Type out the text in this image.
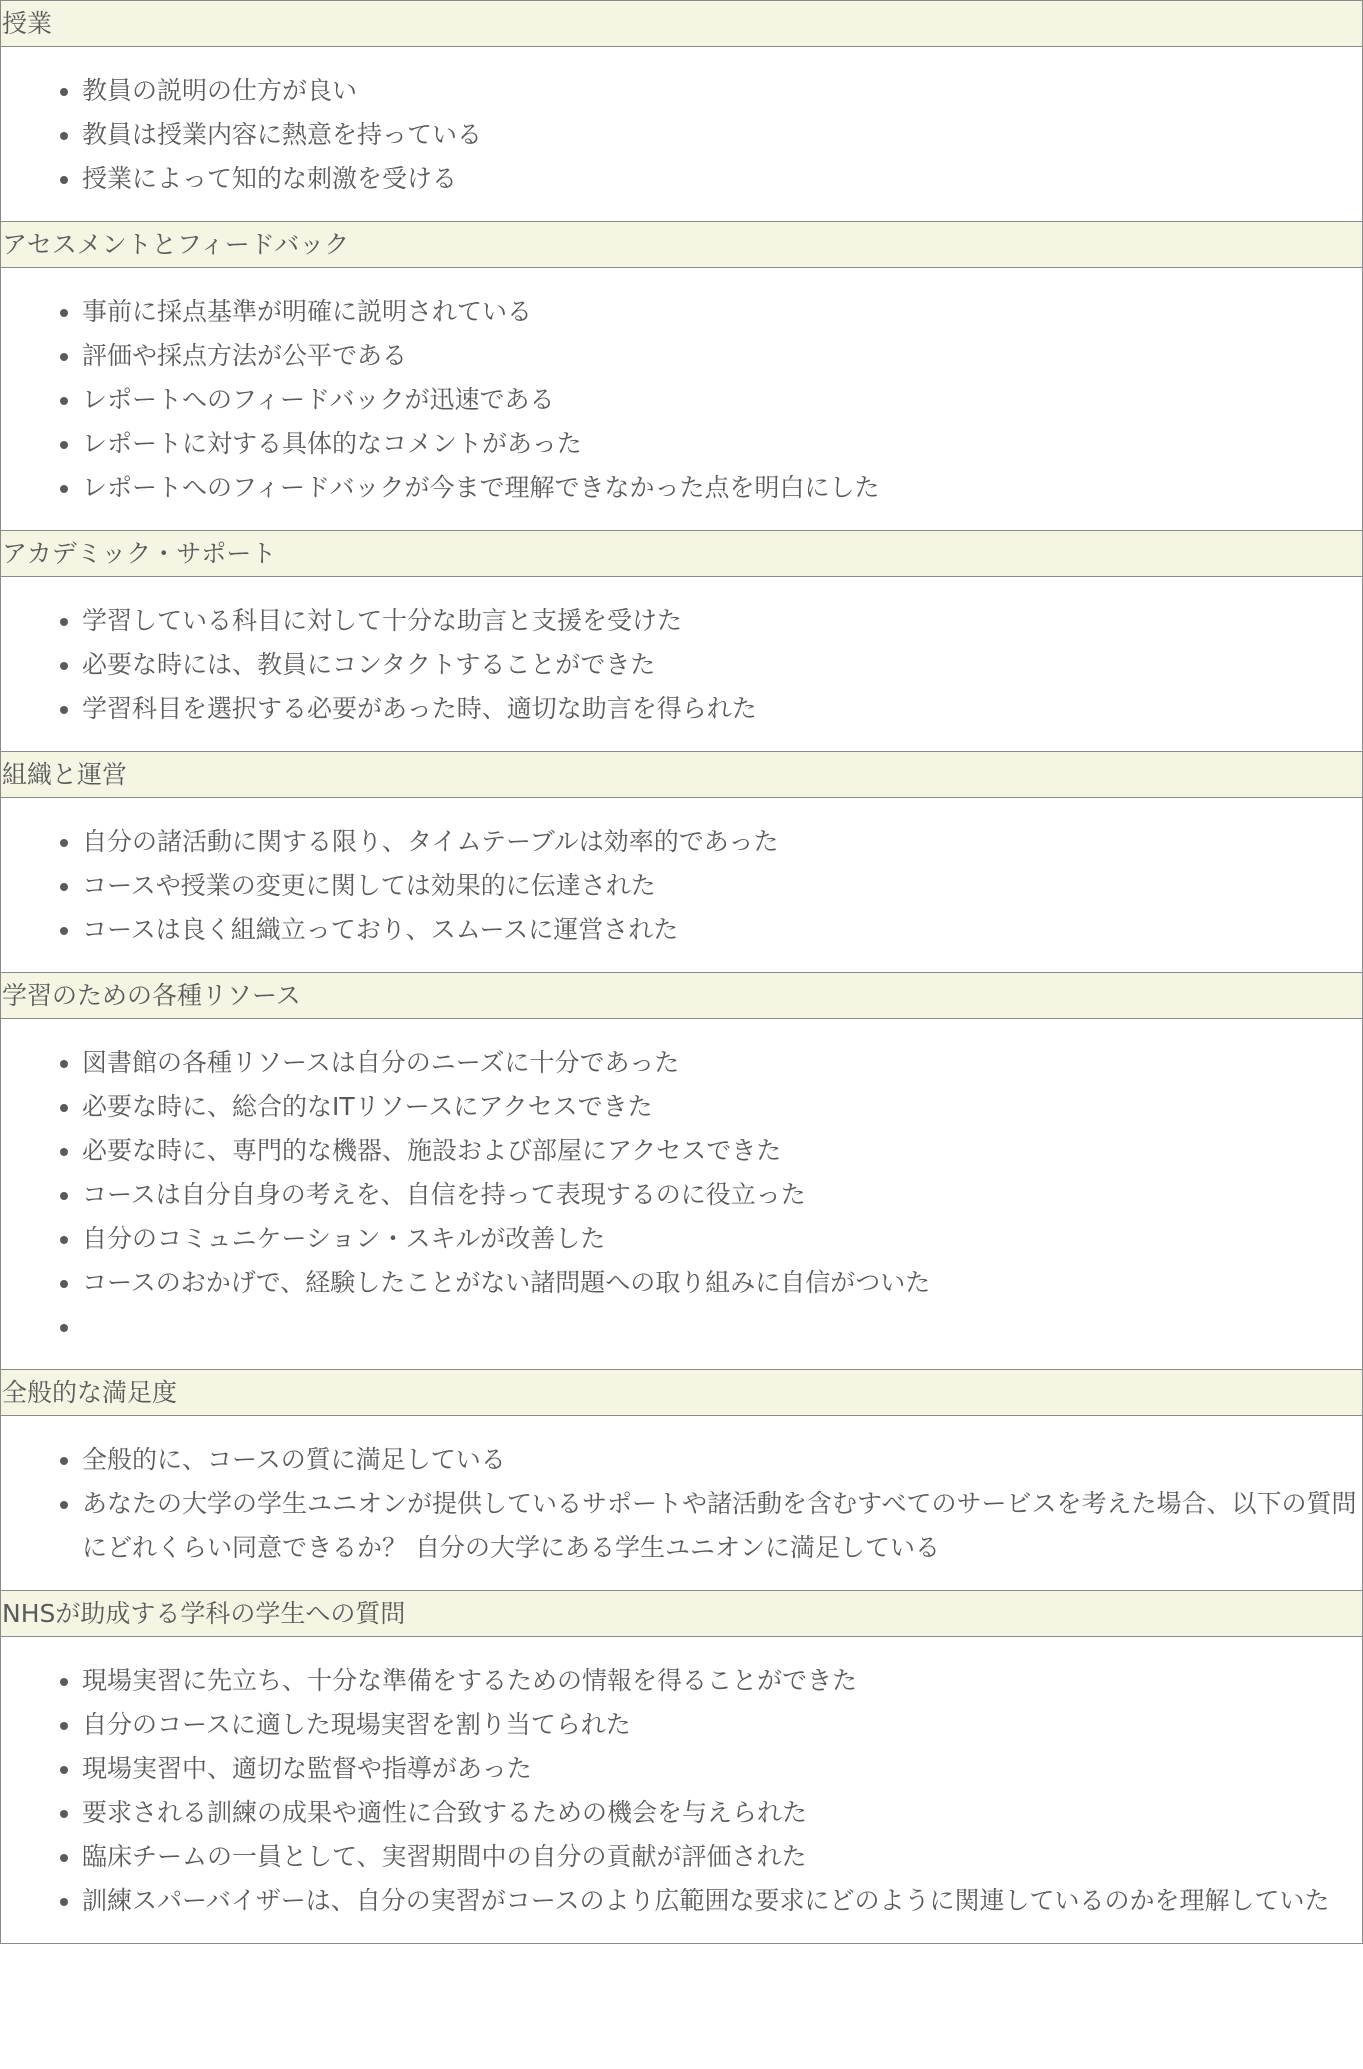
授業
• 教員の説明の仕方が良い
• 教員は授業内容に熱意を持っている
• 授業によって知的な刺激を受ける
アセスメントとフィードバック
• 事前に採点基準が明確に説明されている
• 評価や採点方法が公平である
• レポートへのフィードバックが迅速である
• レポートに対する具体的なコメントがあった
• レポートへのフィードバックが今まで理解できなかった点を明白にした
アカデミック・サポート
• 学習している科目に対して十分な助言と支援を受けた
• 必要な時には、教員にコンタクトすることができた
• 学習科目を選択する必要があった時、適切な助言を得られた
組織と運営
• 自分の諸活動に関する限り、タイムテーブルは効率的であった
• コースや授業の変更に関しては効果的に伝達された
• コースは良く組織立っており、スムースに運営された
学習のための各種リソース
• 図書館の各種リソースは自分のニーズに十分であった
• 必要な時に、総合的なITリソースにアクセスできた
• 必要な時に、専門的な機器、施設および部屋にアクセスできた
• コースは自分自身の考えを、自信を持って表現するのに役立った
• 自分のコミュニケーション・スキルが改善した
• コースのおかげで、経験したことがない諸問題への取り組みに自信がついた
•
全般的な満足度
• 全般的に、コースの質に満足している
• あなたの大学の学生ユニオンが提供しているサポートや諸活動を含むすべてのサービスを考えた場合、以下の質問にどれくらい同意できるか？ 自分の大学にある学生ユニオンに満足している
NHSが助成する学科の学生への質問
• 現場実習に先立ち、十分な準備をするための情報を得ることができた
• 自分のコースに適した現場実習を割り当てられた
• 現場実習中、適切な監督や指導があった
• 要求される訓練の成果や適性に合致するための機会を与えられた
• 臨床チームの一員として、実習期間中の自分の貢献が評価された
• 訓練スパーバイザーは、自分の実習がコースのより広範囲な要求にどのように関連しているのかを理解していた
